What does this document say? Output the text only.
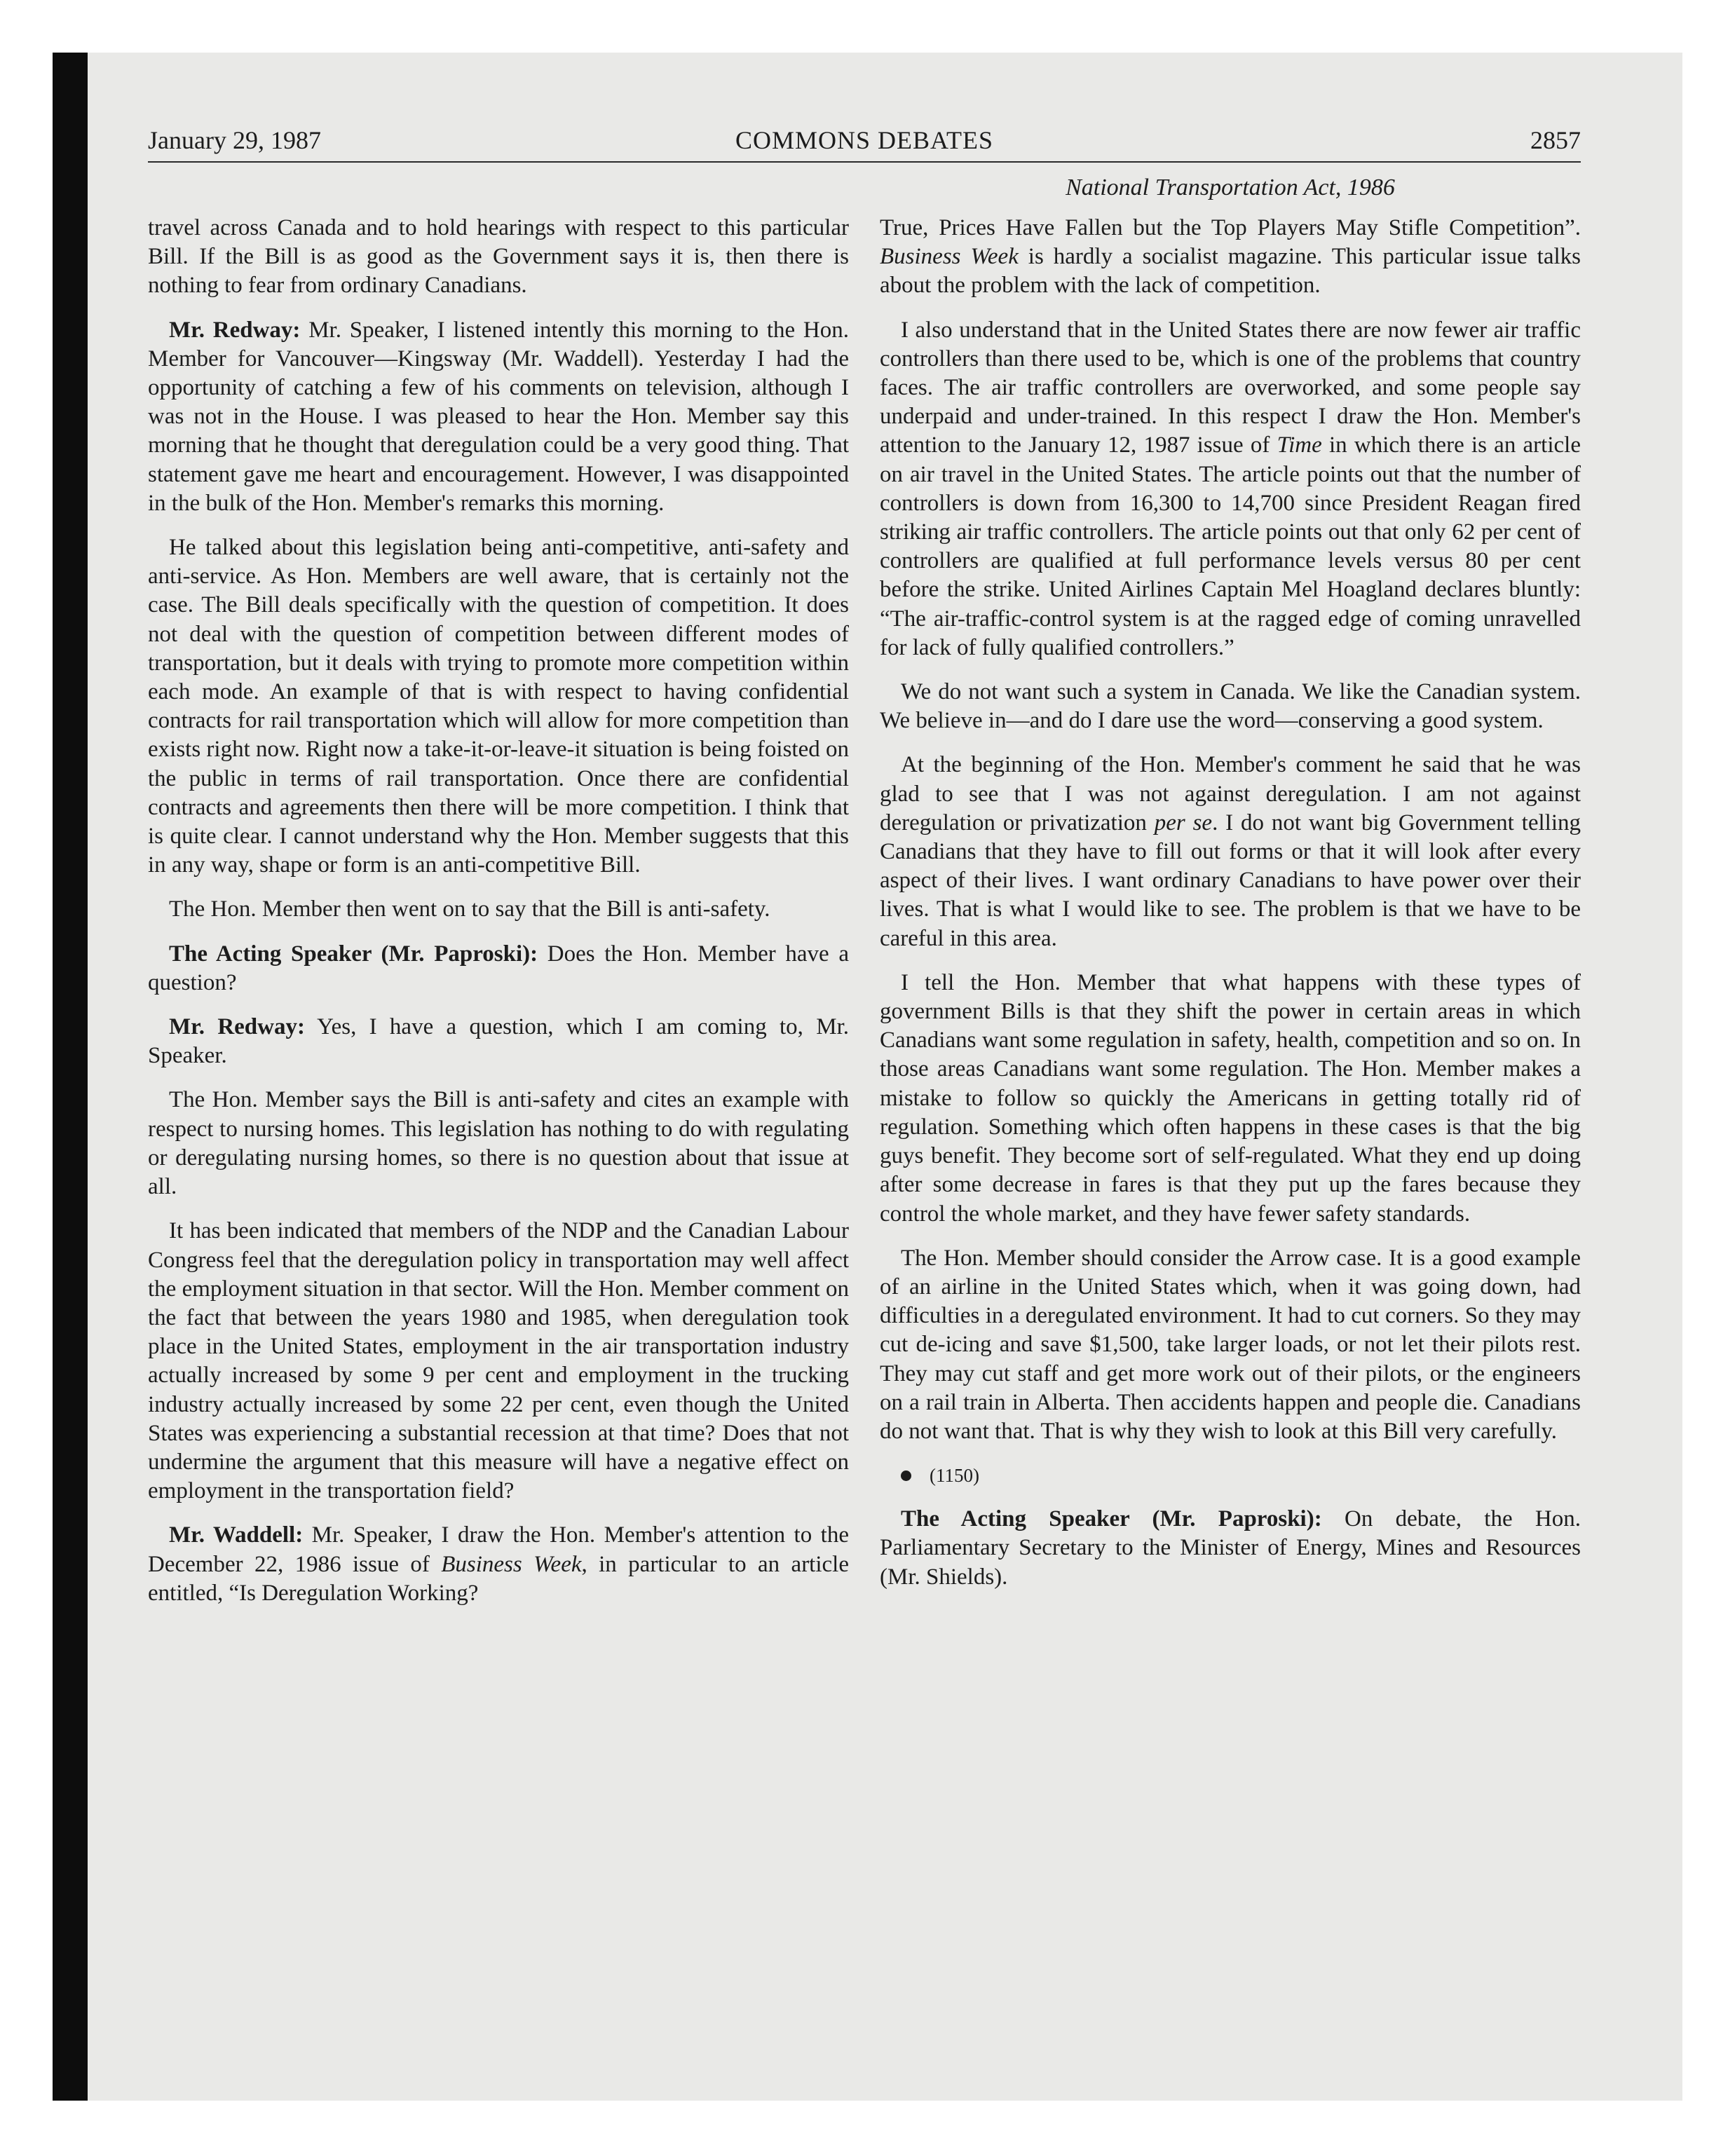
January 29, 1987	COMMONS DEBATES	2857
National Transportation Act, 1986

travel across Canada and to hold hearings with respect to this particular Bill. If the Bill is as good as the Government says it is, then there is nothing to fear from ordinary Canadians.

Mr. Redway: Mr. Speaker, I listened intently this morning to the Hon. Member for Vancouver—Kingsway (Mr. Waddell). Yesterday I had the opportunity of catching a few of his comments on television, although I was not in the House. I was pleased to hear the Hon. Member say this morning that he thought that deregulation could be a very good thing. That statement gave me heart and encouragement. However, I was disappointed in the bulk of the Hon. Member's remarks this morning.

He talked about this legislation being anti-competitive, anti-safety and anti-service. As Hon. Members are well aware, that is certainly not the case. The Bill deals specifically with the question of competition. It does not deal with the question of competition between different modes of transportation, but it deals with trying to promote more competition within each mode. An example of that is with respect to having confidential contracts for rail transportation which will allow for more competition than exists right now. Right now a take-it-or-leave-it situation is being foisted on the public in terms of rail transportation. Once there are confidential contracts and agreements then there will be more competition. I think that is quite clear. I cannot understand why the Hon. Member suggests that this in any way, shape or form is an anti-competitive Bill.

The Hon. Member then went on to say that the Bill is anti-safety.

The Acting Speaker (Mr. Paproski): Does the Hon. Member have a question?

Mr. Redway: Yes, I have a question, which I am coming to, Mr. Speaker.

The Hon. Member says the Bill is anti-safety and cites an example with respect to nursing homes. This legislation has nothing to do with regulating or deregulating nursing homes, so there is no question about that issue at all.

It has been indicated that members of the NDP and the Canadian Labour Congress feel that the deregulation policy in transportation may well affect the employment situation in that sector. Will the Hon. Member comment on the fact that between the years 1980 and 1985, when deregulation took place in the United States, employment in the air transportation industry actually increased by some 9 per cent and employment in the trucking industry actually increased by some 22 per cent, even though the United States was experiencing a substantial recession at that time? Does that not undermine the argument that this measure will have a negative effect on employment in the transportation field?

Mr. Waddell: Mr. Speaker, I draw the Hon. Member's attention to the December 22, 1986 issue of Business Week, in particular to an article entitled, “Is Deregulation Working?

True, Prices Have Fallen but the Top Players May Stifle Competition”. Business Week is hardly a socialist magazine. This particular issue talks about the problem with the lack of competition.

I also understand that in the United States there are now fewer air traffic controllers than there used to be, which is one of the problems that country faces. The air traffic controllers are overworked, and some people say underpaid and under-trained. In this respect I draw the Hon. Member's attention to the January 12, 1987 issue of Time in which there is an article on air travel in the United States. The article points out that the number of controllers is down from 16,300 to 14,700 since President Reagan fired striking air traffic controllers. The article points out that only 62 per cent of controllers are qualified at full performance levels versus 80 per cent before the strike. United Airlines Captain Mel Hoagland declares bluntly: “The air-traffic-control system is at the ragged edge of coming unravelled for lack of fully qualified controllers.”

We do not want such a system in Canada. We like the Canadian system. We believe in—and do I dare use the word—conserving a good system.

At the beginning of the Hon. Member's comment he said that he was glad to see that I was not against deregulation. I am not against deregulation or privatization per se. I do not want big Government telling Canadians that they have to fill out forms or that it will look after every aspect of their lives. I want ordinary Canadians to have power over their lives. That is what I would like to see. The problem is that we have to be careful in this area.

I tell the Hon. Member that what happens with these types of government Bills is that they shift the power in certain areas in which Canadians want some regulation in safety, health, competition and so on. In those areas Canadians want some regulation. The Hon. Member makes a mistake to follow so quickly the Americans in getting totally rid of regulation. Something which often happens in these cases is that the big guys benefit. They become sort of self-regulated. What they end up doing after some decrease in fares is that they put up the fares because they control the whole market, and they have fewer safety standards.

The Hon. Member should consider the Arrow case. It is a good example of an airline in the United States which, when it was going down, had difficulties in a deregulated environment. It had to cut corners. So they may cut de-icing and save $1,500, take larger loads, or not let their pilots rest. They may cut staff and get more work out of their pilots, or the engineers on a rail train in Alberta. Then accidents happen and people die. Canadians do not want that. That is why they wish to look at this Bill very carefully.

(1150)

The Acting Speaker (Mr. Paproski): On debate, the Hon. Parliamentary Secretary to the Minister of Energy, Mines and Resources (Mr. Shields).
